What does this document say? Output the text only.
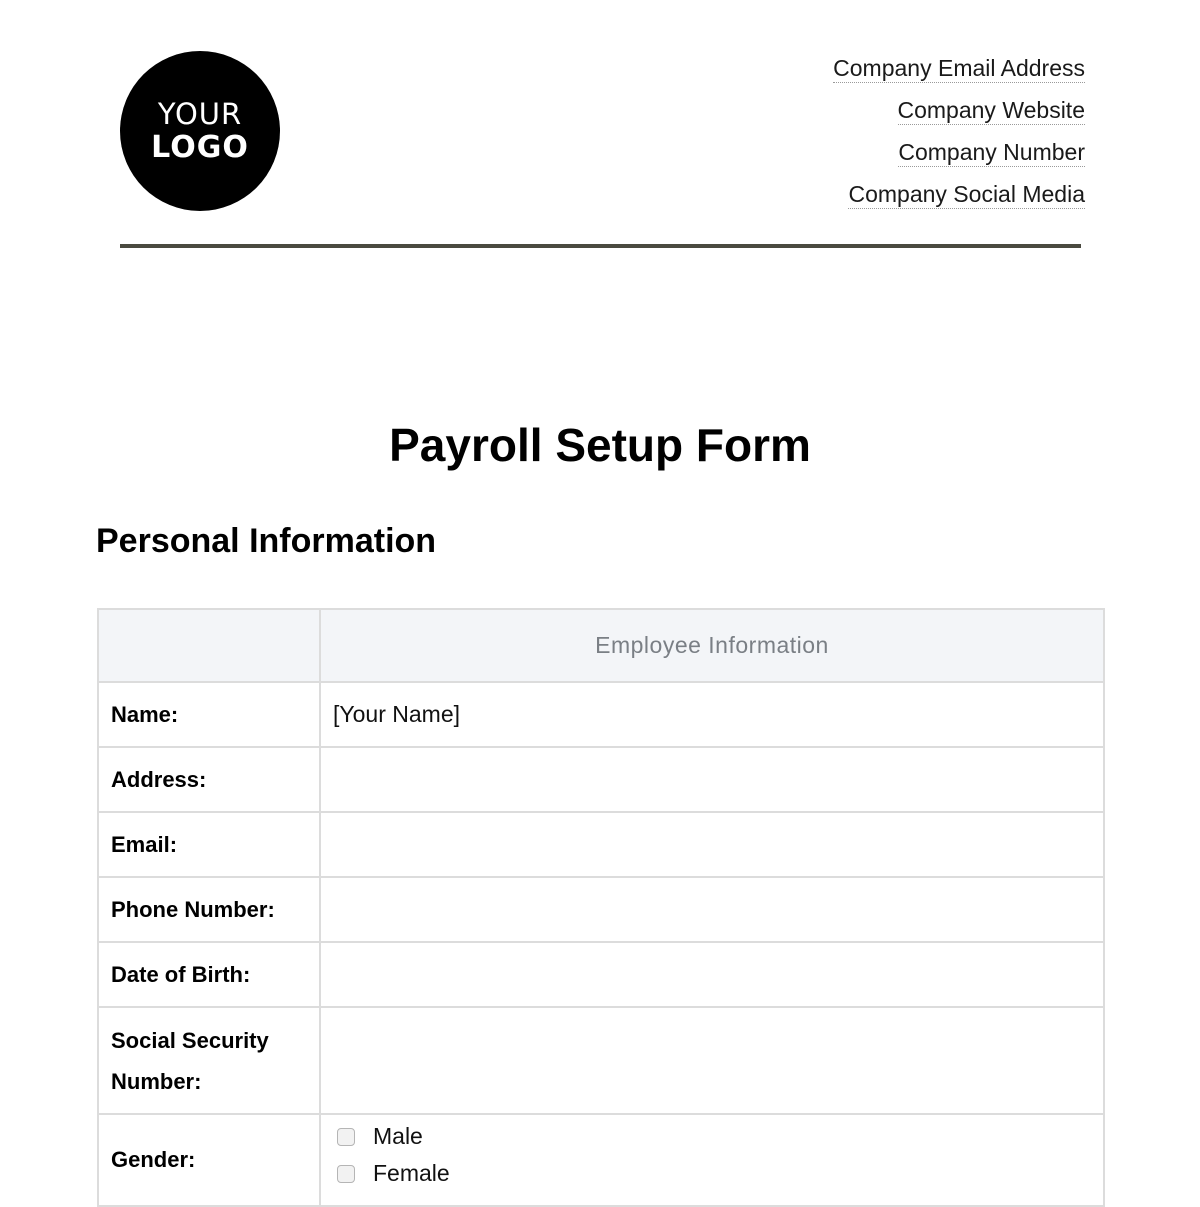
YOUR
LOGO
Company Email Address
Company Website
Company Number
Company Social Media
Payroll Setup Form
Personal Information
	Employee Information
Name:	[Your Name]
Address:	
Email:	
Phone Number:	
Date of Birth:	
Social Security Number:	
Gender:	Male
Female
